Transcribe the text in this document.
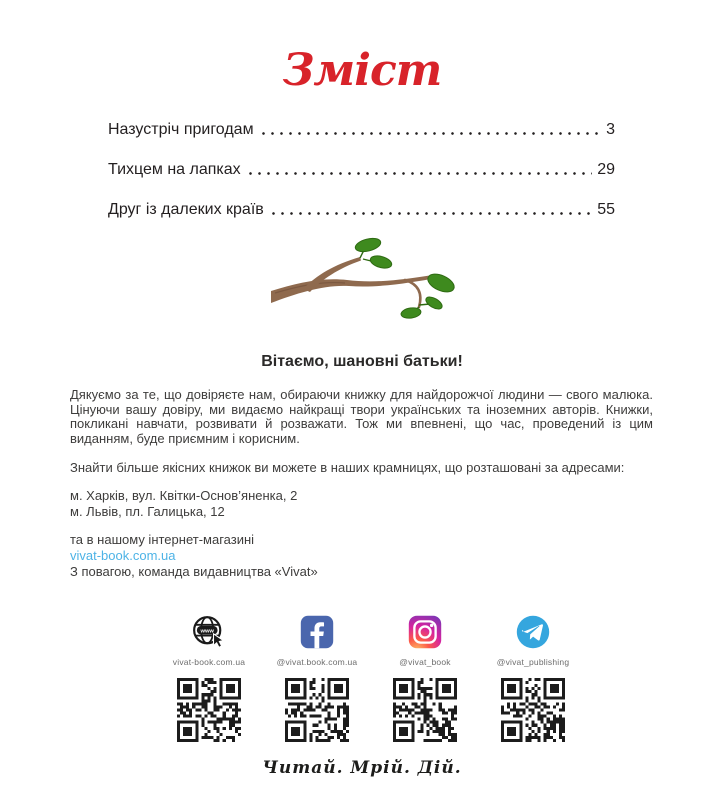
Зміст
Назустріч пригодам	3
Тихцем на лапках	29
Друг із далеких країв	55
Вітаємо, шановні батьки!

Дякуємо за те, що довіряєте нам, обираючи книжку для найдорожчої людини — свого малюка. Цінуючи вашу довіру, ми видаємо найкращі твори українських та іноземних авторів. Книжки, покликані навчати, розвивати й розважати. Тож ми впевнені, що час, проведений із цим виданням, буде приємним і корисним.

Знайти більше якісних книжок ви можете в наших крамницях, що розташовані за адресами:

м. Харків, вул. Квітки-Основ’яненка, 2
м. Львів, пл. Галицька, 12
та в нашому інтернет-магазині
vivat-book.com.ua
З повагою, команда видавництва «Vivat»
www
vivat-book.com.ua	@vivat.book.com.ua	@vivat_book	@vivat_publishing
Читай. Мрій. Дій.
